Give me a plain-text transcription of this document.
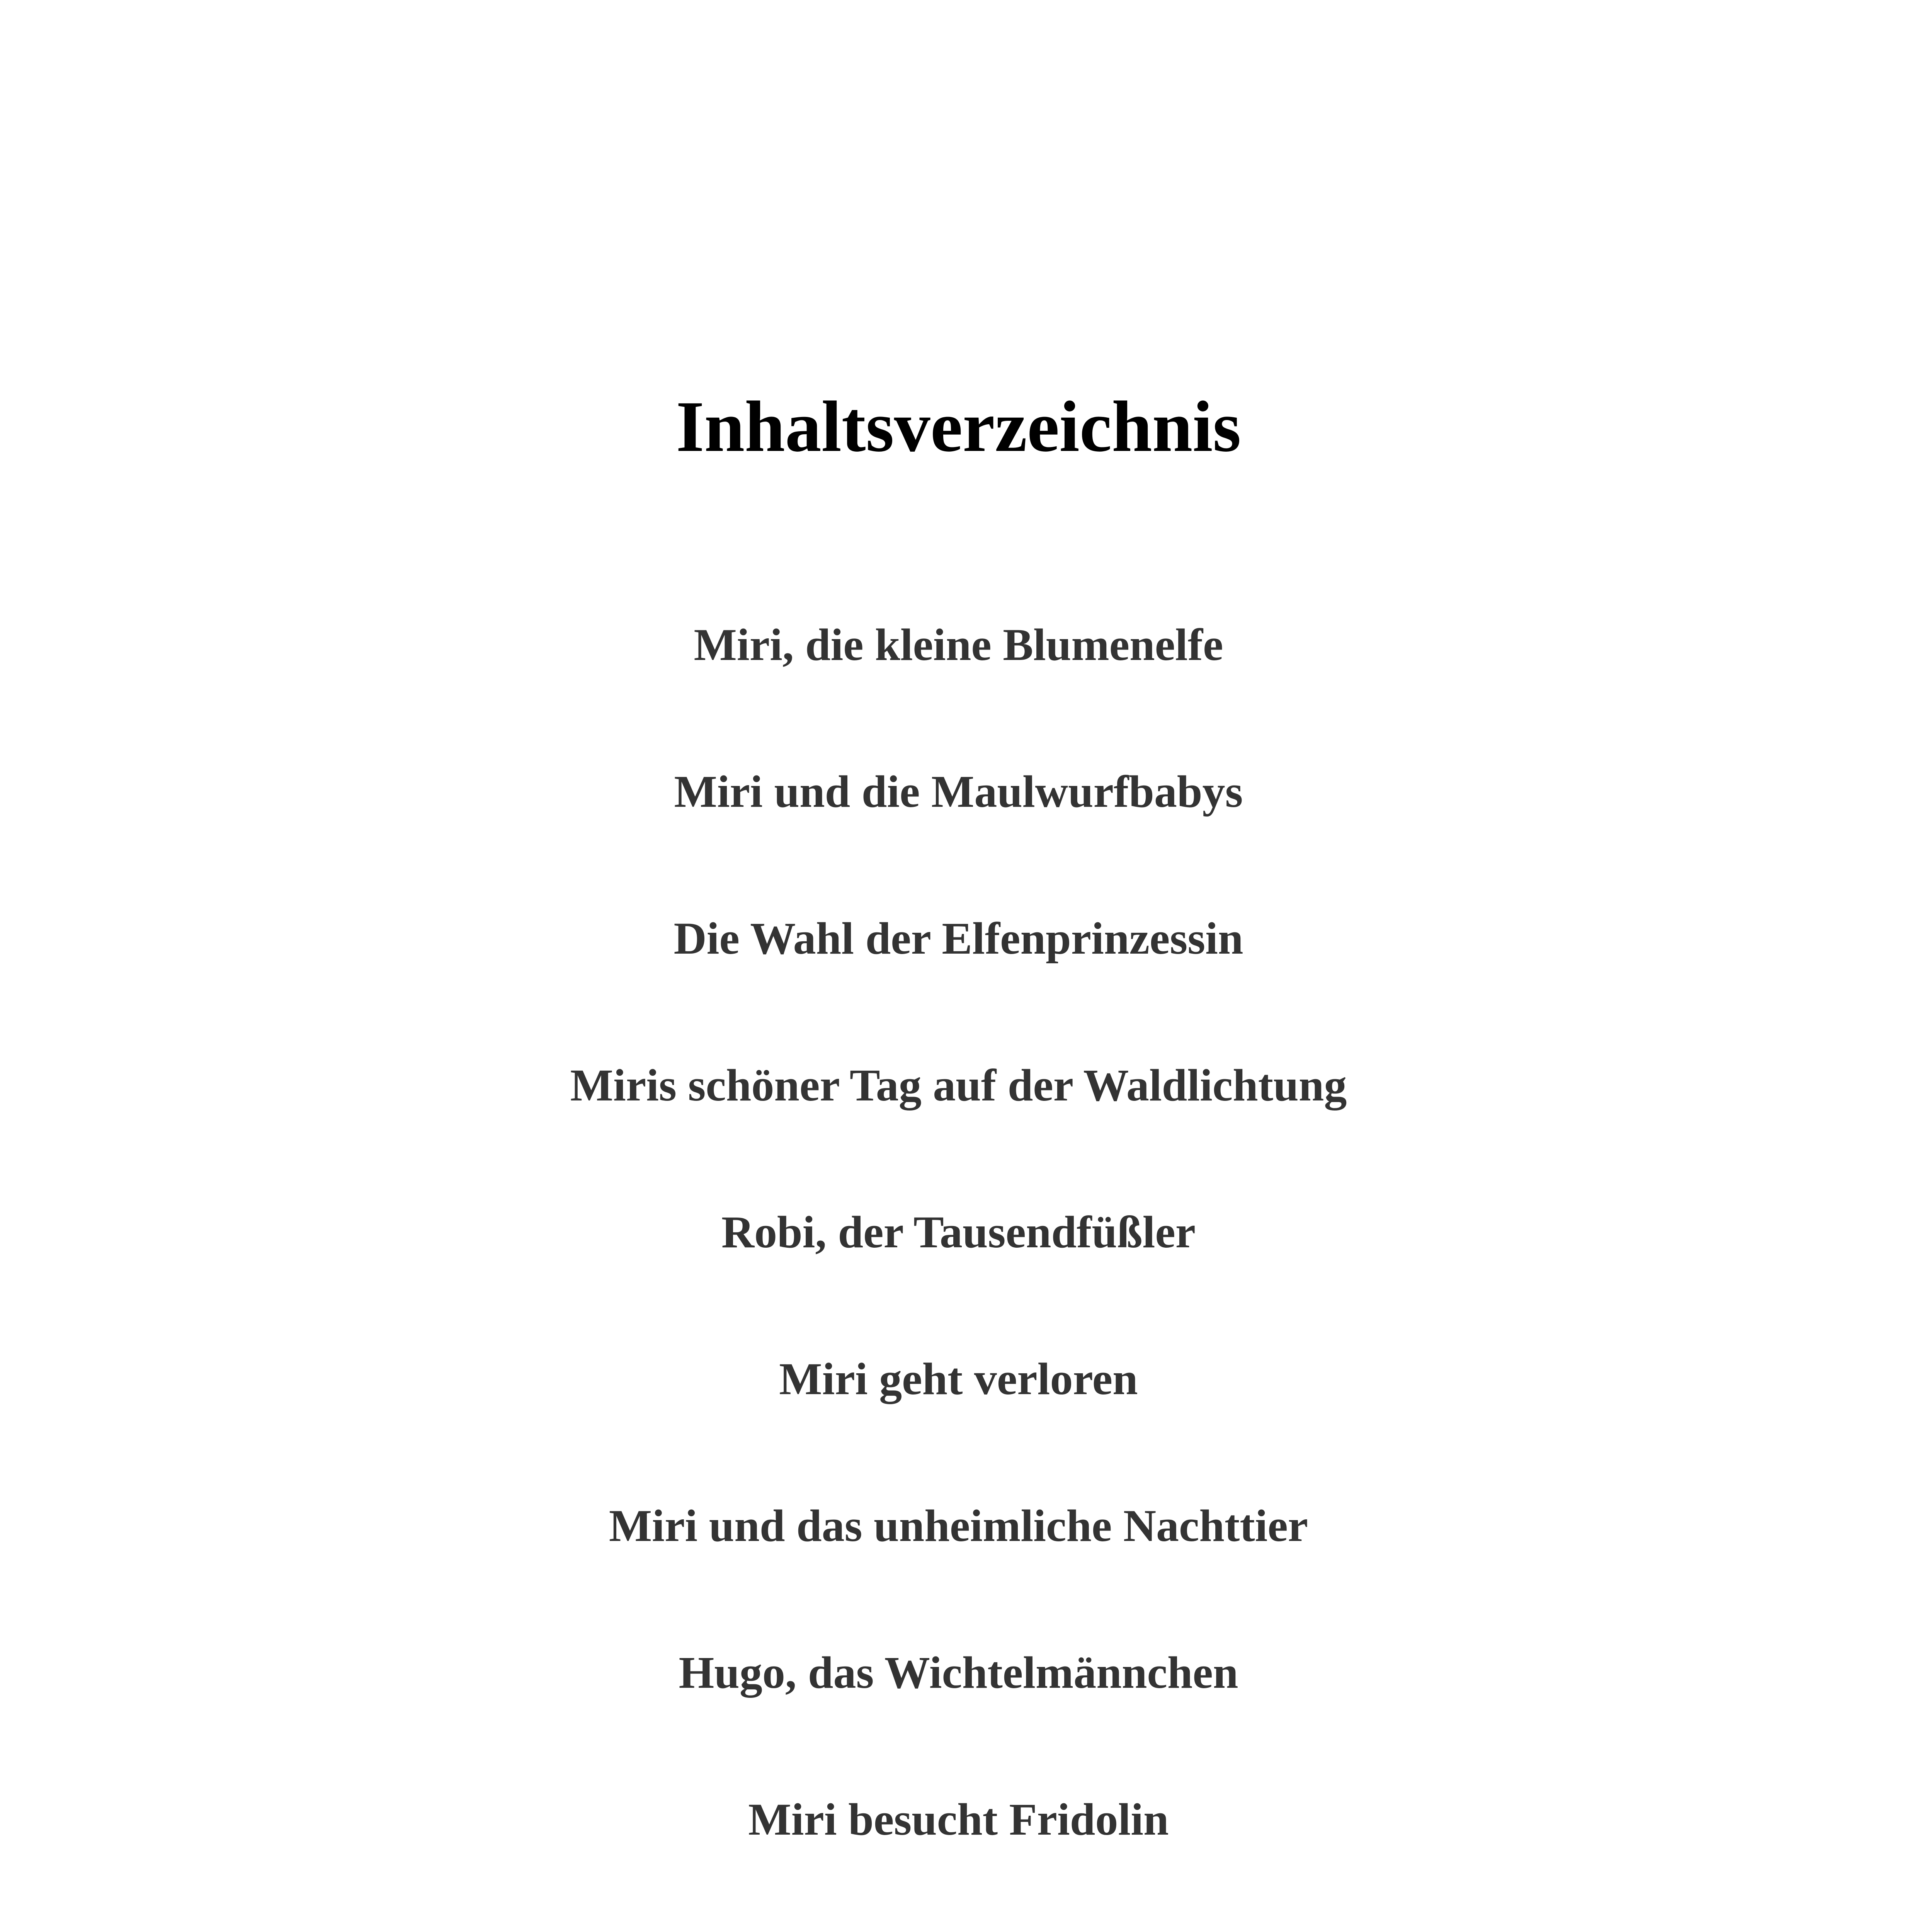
Inhaltsverzeichnis
Miri, die kleine Blumenelfe
Miri und die Maulwurfbabys
Die Wahl der Elfenprinzessin
Miris schöner Tag auf der Waldlichtung
Robi, der Tausendfüßler
Miri geht verloren
Miri und das unheimliche Nachttier
Hugo, das Wichtelmännchen
Miri besucht Fridolin
